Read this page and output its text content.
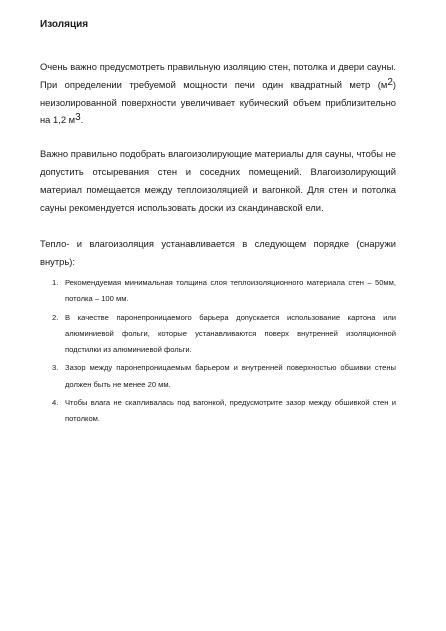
Изоляция

Очень важно предусмотреть правильную изоляцию стен, потолка и двери сауны. При определении требуемой мощности печи один квадратный метр $(м^2)$ неизолированной поверхности увеличивает кубический объем приблизительно на 1,2 $м^3$.

Важно правильно подобрать влагоизолирующие материалы для сауны, чтобы не допустить отсыревания стен и соседних помещений. Влагоизолирующий материал помещается между теплоизоляцией и вагонкой. Для стен и потолка сауны рекомендуется использовать доски из скандинавской ели.

Тепло- и влагоизоляция устанавливается в следующем порядке (снаружи внутрь):

1. Рекомендуемая минимальная толщина слоя теплоизоляционного материала стен – 50мм, потолка – 100 мм.
2. В качестве паронепроницаемого барьера допускается использование картона или алюминиевой фольги, которые устанавливаются поверх внутренней изоляционной подстилки из алюминиевой фольги.
3. Зазор между паронепроницаемым барьером и внутренней поверхностью обшивки стены должен быть не менее 20 мм.
4. Чтобы влага не скапливалась под вагонкой, предусмотрите зазор между обшивкой стен и потолком.
